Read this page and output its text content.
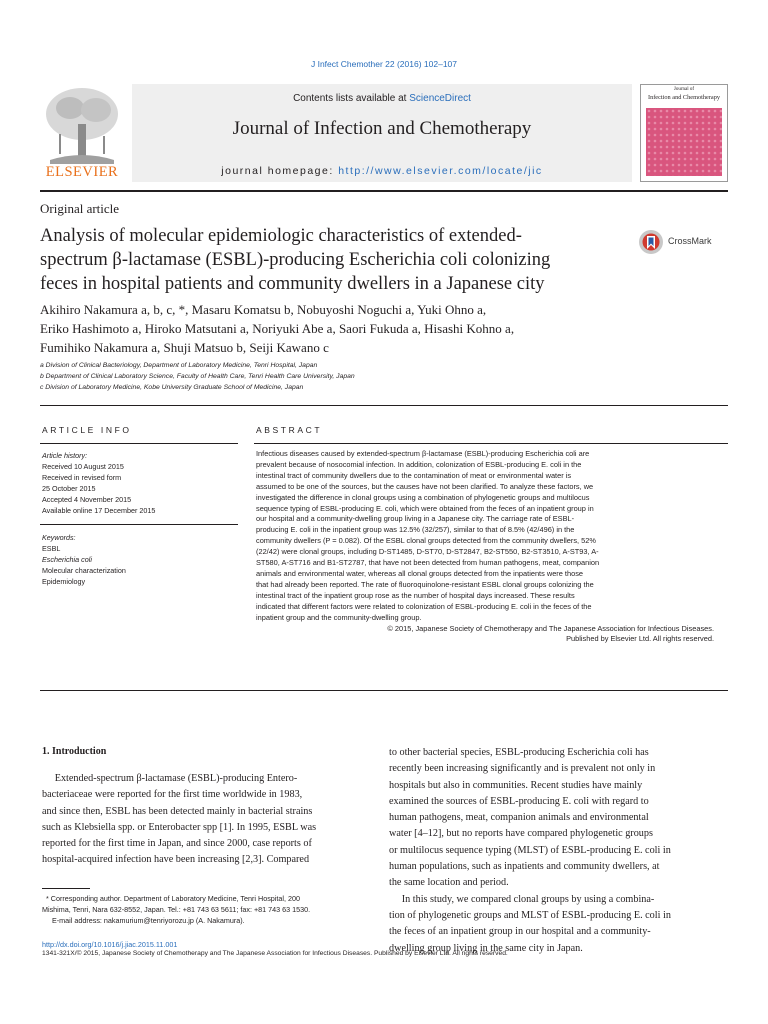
J Infect Chemother 22 (2016) 102–107
ELSEVIER
Contents lists available at ScienceDirect
Journal of Infection and Chemotherapy
journal homepage: http://www.elsevier.com/locate/jic
Journal of
Infection and Chemotherapy
Original article
Analysis of molecular epidemiologic characteristics of extended-
spectrum β-lactamase (ESBL)-producing Escherichia coli colonizing
feces in hospital patients and community dwellers in a Japanese city
CrossMark
Akihiro Nakamura a, b, c, *, Masaru Komatsu b, Nobuyoshi Noguchi a, Yuki Ohno a,
Eriko Hashimoto a, Hiroko Matsutani a, Noriyuki Abe a, Saori Fukuda a, Hisashi Kohno a,
Fumihiko Nakamura a, Shuji Matsuo b, Seiji Kawano c
a Division of Clinical Bacteriology, Department of Laboratory Medicine, Tenri Hospital, Japan
b Department of Clinical Laboratory Science, Faculty of Health Care, Tenri Health Care University, Japan
c Division of Laboratory Medicine, Kobe University Graduate School of Medicine, Japan
ARTICLE INFO	ABSTRACT
Article history:
Received 10 August 2015
Received in revised form
25 October 2015
Accepted 4 November 2015
Available online 17 December 2015
Keywords:
ESBL
Escherichia coli
Molecular characterization
Epidemiology
Infectious diseases caused by extended-spectrum β-lactamase (ESBL)-producing Escherichia coli are
prevalent because of nosocomial infection. In addition, colonization of ESBL-producing E. coli in the
intestinal tract of community dwellers due to the contamination of meat or environmental water is
assumed to be one of the sources, but the causes have not been clarified. To analyze these factors, we
investigated the difference in clonal groups using a combination of phylogenetic groups and multilocus
sequence typing of ESBL-producing E. coli, which were obtained from the feces of an inpatient group in
our hospital and a community-dwelling group living in a Japanese city. The carriage rate of ESBL-
producing E. coli in the inpatient group was 12.5% (32/257), similar to that of 8.5% (42/496) in the
community dwellers (P = 0.082). Of the ESBL clonal groups detected from the community dwellers, 52%
(22/42) were clonal groups, including D-ST1485, D-ST70, D-ST2847, B2-ST550, B2-ST3510, A-ST93, A-
ST580, A-ST716 and B1-ST2787, that have not been detected from human pathogens, meat, companion
animals and environmental water, whereas all clonal groups detected from the inpatients were those
that had already been reported. The rate of fluoroquinolone-resistant ESBL clonal groups colonizing the
intestinal tract of the inpatient group rose as the number of hospital days increased. These results
indicated that different factors were related to colonization of ESBL-producing E. coli in the feces of the
inpatient group and the community-dwelling group.
© 2015, Japanese Society of Chemotherapy and The Japanese Association for Infectious Diseases.
Published by Elsevier Ltd. All rights reserved.
1. Introduction
Extended-spectrum β-lactamase (ESBL)-producing Entero-
bacteriaceae were reported for the first time worldwide in 1983,
and since then, ESBL has been detected mainly in bacterial strains
such as Klebsiella spp. or Enterobacter spp [1]. In 1995, ESBL was
reported for the first time in Japan, and since 2000, case reports of
hospital-acquired infection have been increasing [2,3]. Compared
to other bacterial species, ESBL-producing Escherichia coli has
recently been increasing significantly and is prevalent not only in
hospitals but also in communities. Recent studies have mainly
examined the sources of ESBL-producing E. coli with regard to
human pathogens, meat, companion animals and environmental
water [4–12], but no reports have compared phylogenetic groups
or multilocus sequence typing (MLST) of ESBL-producing E. coli in
human populations, such as inpatients and community dwellers, at
the same location and period.
In this study, we compared clonal groups by using a combina-
tion of phylogenetic groups and MLST of ESBL-producing E. coli in
the feces of an inpatient group in our hospital and a community-
dwelling group living in the same city in Japan.
* Corresponding author. Department of Laboratory Medicine, Tenri Hospital, 200
Mishima, Tenri, Nara 632-8552, Japan. Tel.: +81 743 63 5611; fax: +81 743 63 1530.
E-mail address: nakamurium@tenriyorozu.jp (A. Nakamura).
http://dx.doi.org/10.1016/j.jiac.2015.11.001
1341-321X/© 2015, Japanese Society of Chemotherapy and The Japanese Association for Infectious Diseases. Published by Elsevier Ltd. All rights reserved.
